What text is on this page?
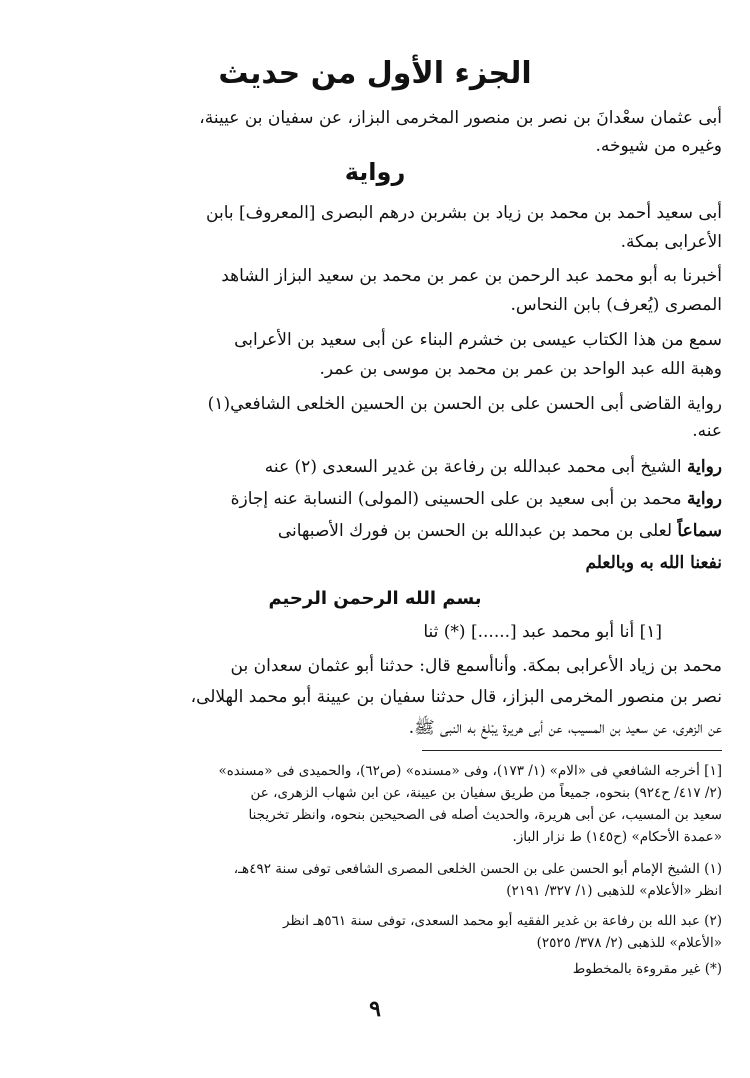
الجزء الأول من حديث
أبى عثمان سعْدانَ بن نصر بن منصور المخرمى البزاز، عن سفيان بن عيينة،
وغيره من شيوخه.
رواية
أبى سعيد أحمد بن محمد بن زياد بن بشربن درهم البصرى [المعروف] بابن
الأعرابى بمكة.
أخبرنا به أبو محمد عبد الرحمن بن عمر بن محمد بن سعيد البزاز الشاهد
المصرى (يُعرف) بابن النحاس.
سمع من هذا الكتاب عيسى بن خشرم البناء عن أبى سعيد بن الأعرابى
وهبة الله عبد الواحد بن عمر بن محمد بن موسى بن عمر.
رواية القاضى أبى الحسن على بن الحسن بن الحسين الخلعى الشافعي(١)
عنه.
رواية الشيخ أبى محمد عبدالله بن رفاعة بن غدير السعدى (٢) عنه
رواية محمد بن أبى سعيد بن على الحسينى (المولى) النسابة عنه إجازة
سماعاً لعلى بن محمد بن عبدالله بن الحسن بن فورك الأصبهانى
نفعنا الله به وبالعلم
بسم الله الرحمن الرحيم
[١] أنا أبو محمد عبد [......] (*) ثنا
محمد بن زياد الأعرابى بمكة. وأناأسمع قال: حدثنا أبو عثمان سعدان بن
نصر بن منصور المخرمى البزاز، قال حدثنا سفيان بن عيينة أبو محمد الهلالى،
عن الزهرى، عن سعيد بن المسيب، عن أبى هريرة يبْلغ به النبى ﷺ.
[١] أخرجه الشافعي فى «الام» (١/ ١٧٣)، وفى «مسنده» (ص٦٢)، والحميدى فى «مسنده»
(٢/ ٤١٧/ ح٩٢٤) بنحوه، جميعاً من طريق سفيان بن عيينة، عن ابن شهاب الزهرى، عن
سعيد بن المسيب، عن أبى هريرة، والحديث أصله فى الصحيحين بنحوه، وانظر تخريجنا
«عمدة الأحكام» (ح١٤٥) ط نزار الباز.
(١) الشيخ الإمام أبو الحسن على بن الحسن الخلعى المصرى الشافعى توفى سنة ٤٩٢هـ،
انظر «الأعلام» للذهبى (١/ ٣٢٧/ ٢١٩١)
(٢) عبد الله بن رفاعة بن غدير الفقيه أبو محمد السعدى، توفى سنة ٥٦١هـ انظر
«الأعلام» للذهبى (٢/ ٣٧٨/ ٢٥٢٥)
(*) غير مقروءة بالمخطوط
٩
